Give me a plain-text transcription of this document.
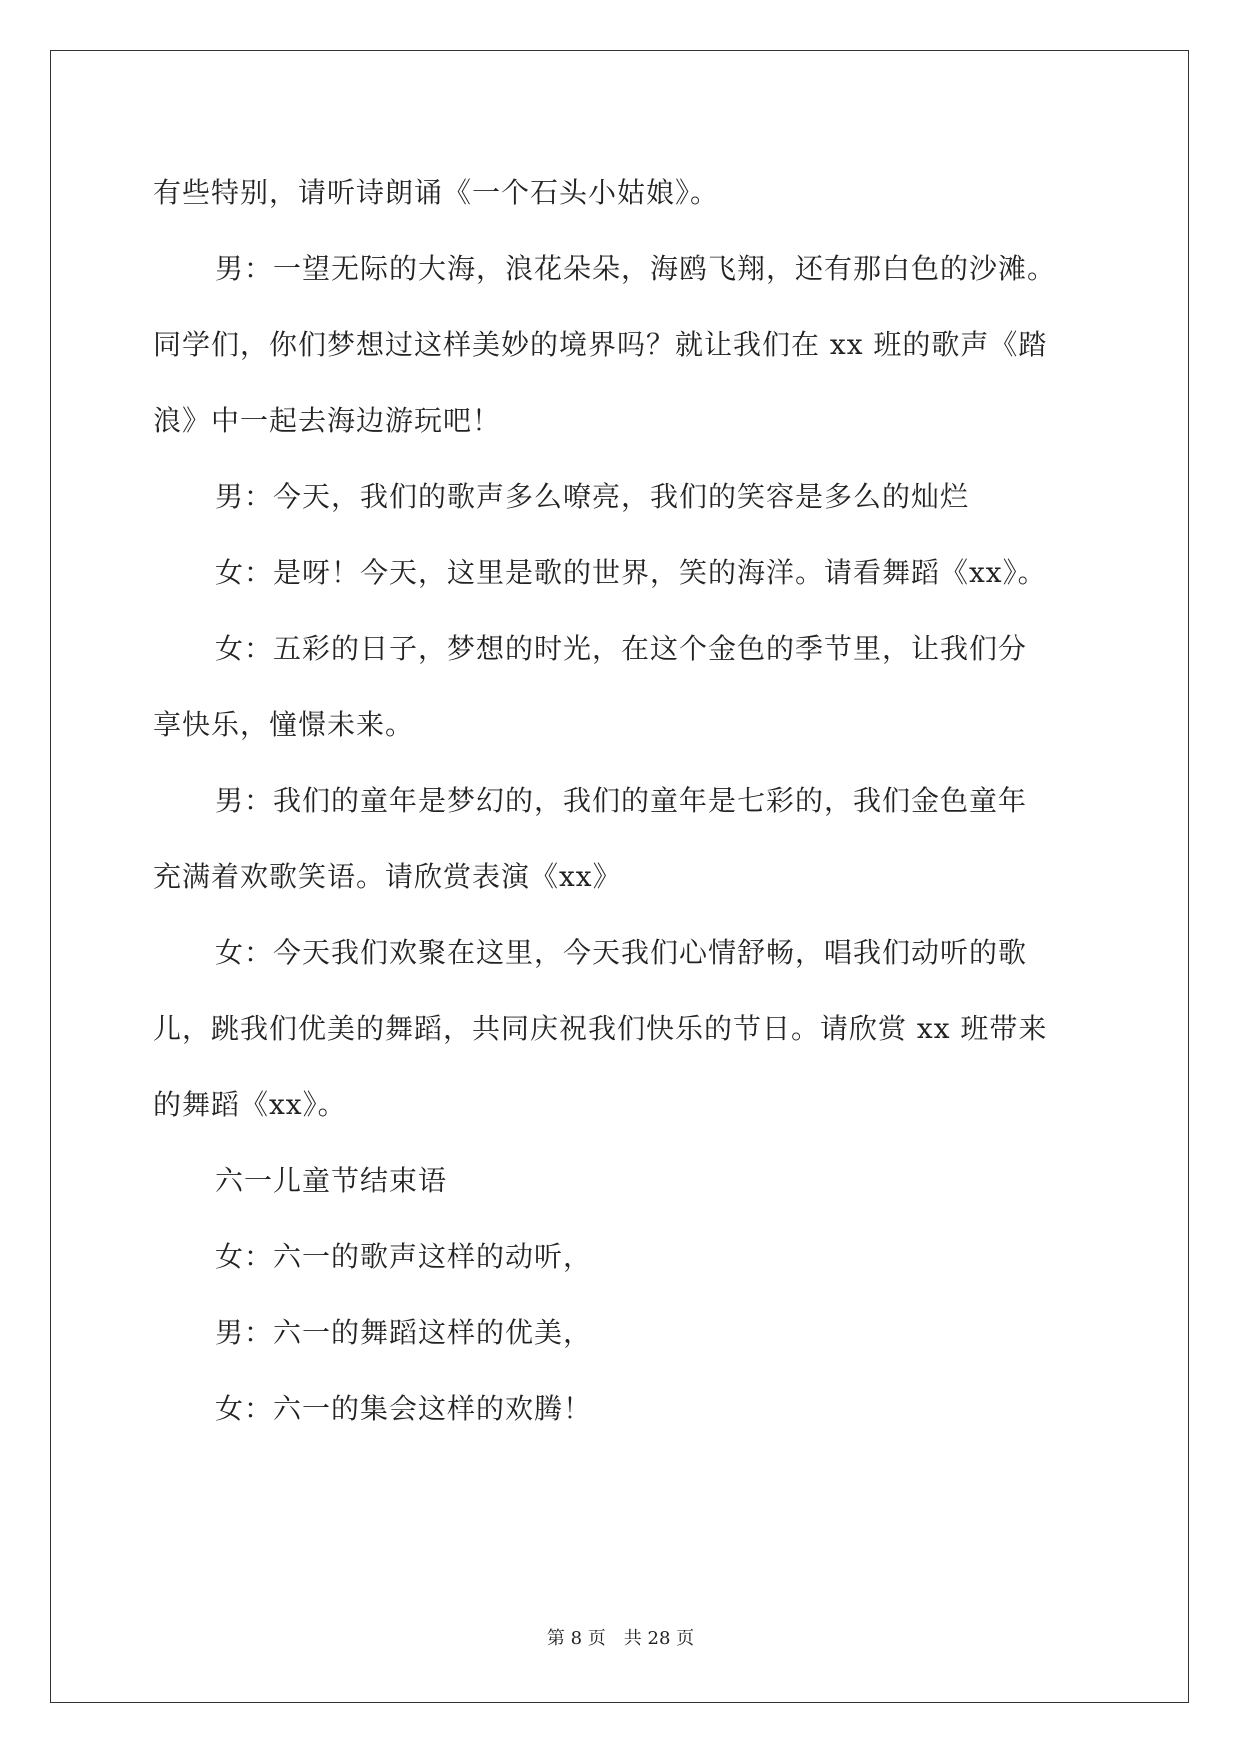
有些特别，请听诗朗诵《一个石头小姑娘》。
男：一望无际的大海，浪花朵朵，海鸥飞翔，还有那白色的沙滩。
同学们，你们梦想过这样美妙的境界吗？就让我们在 xx 班的歌声《踏
浪》中一起去海边游玩吧！
男：今天，我们的歌声多么嘹亮，我们的笑容是多么的灿烂
女：是呀！今天，这里是歌的世界，笑的海洋。请看舞蹈《xx》。
女：五彩的日子，梦想的时光，在这个金色的季节里，让我们分
享快乐，憧憬未来。
男：我们的童年是梦幻的，我们的童年是七彩的，我们金色童年
充满着欢歌笑语。请欣赏表演《xx》
女：今天我们欢聚在这里，今天我们心情舒畅，唱我们动听的歌
儿，跳我们优美的舞蹈，共同庆祝我们快乐的节日。请欣赏 xx 班带来
的舞蹈《xx》。
六一儿童节结束语
女：六一的歌声这样的动听，
男：六一的舞蹈这样的优美，
女：六一的集会这样的欢腾！
第 8 页　共 28 页
